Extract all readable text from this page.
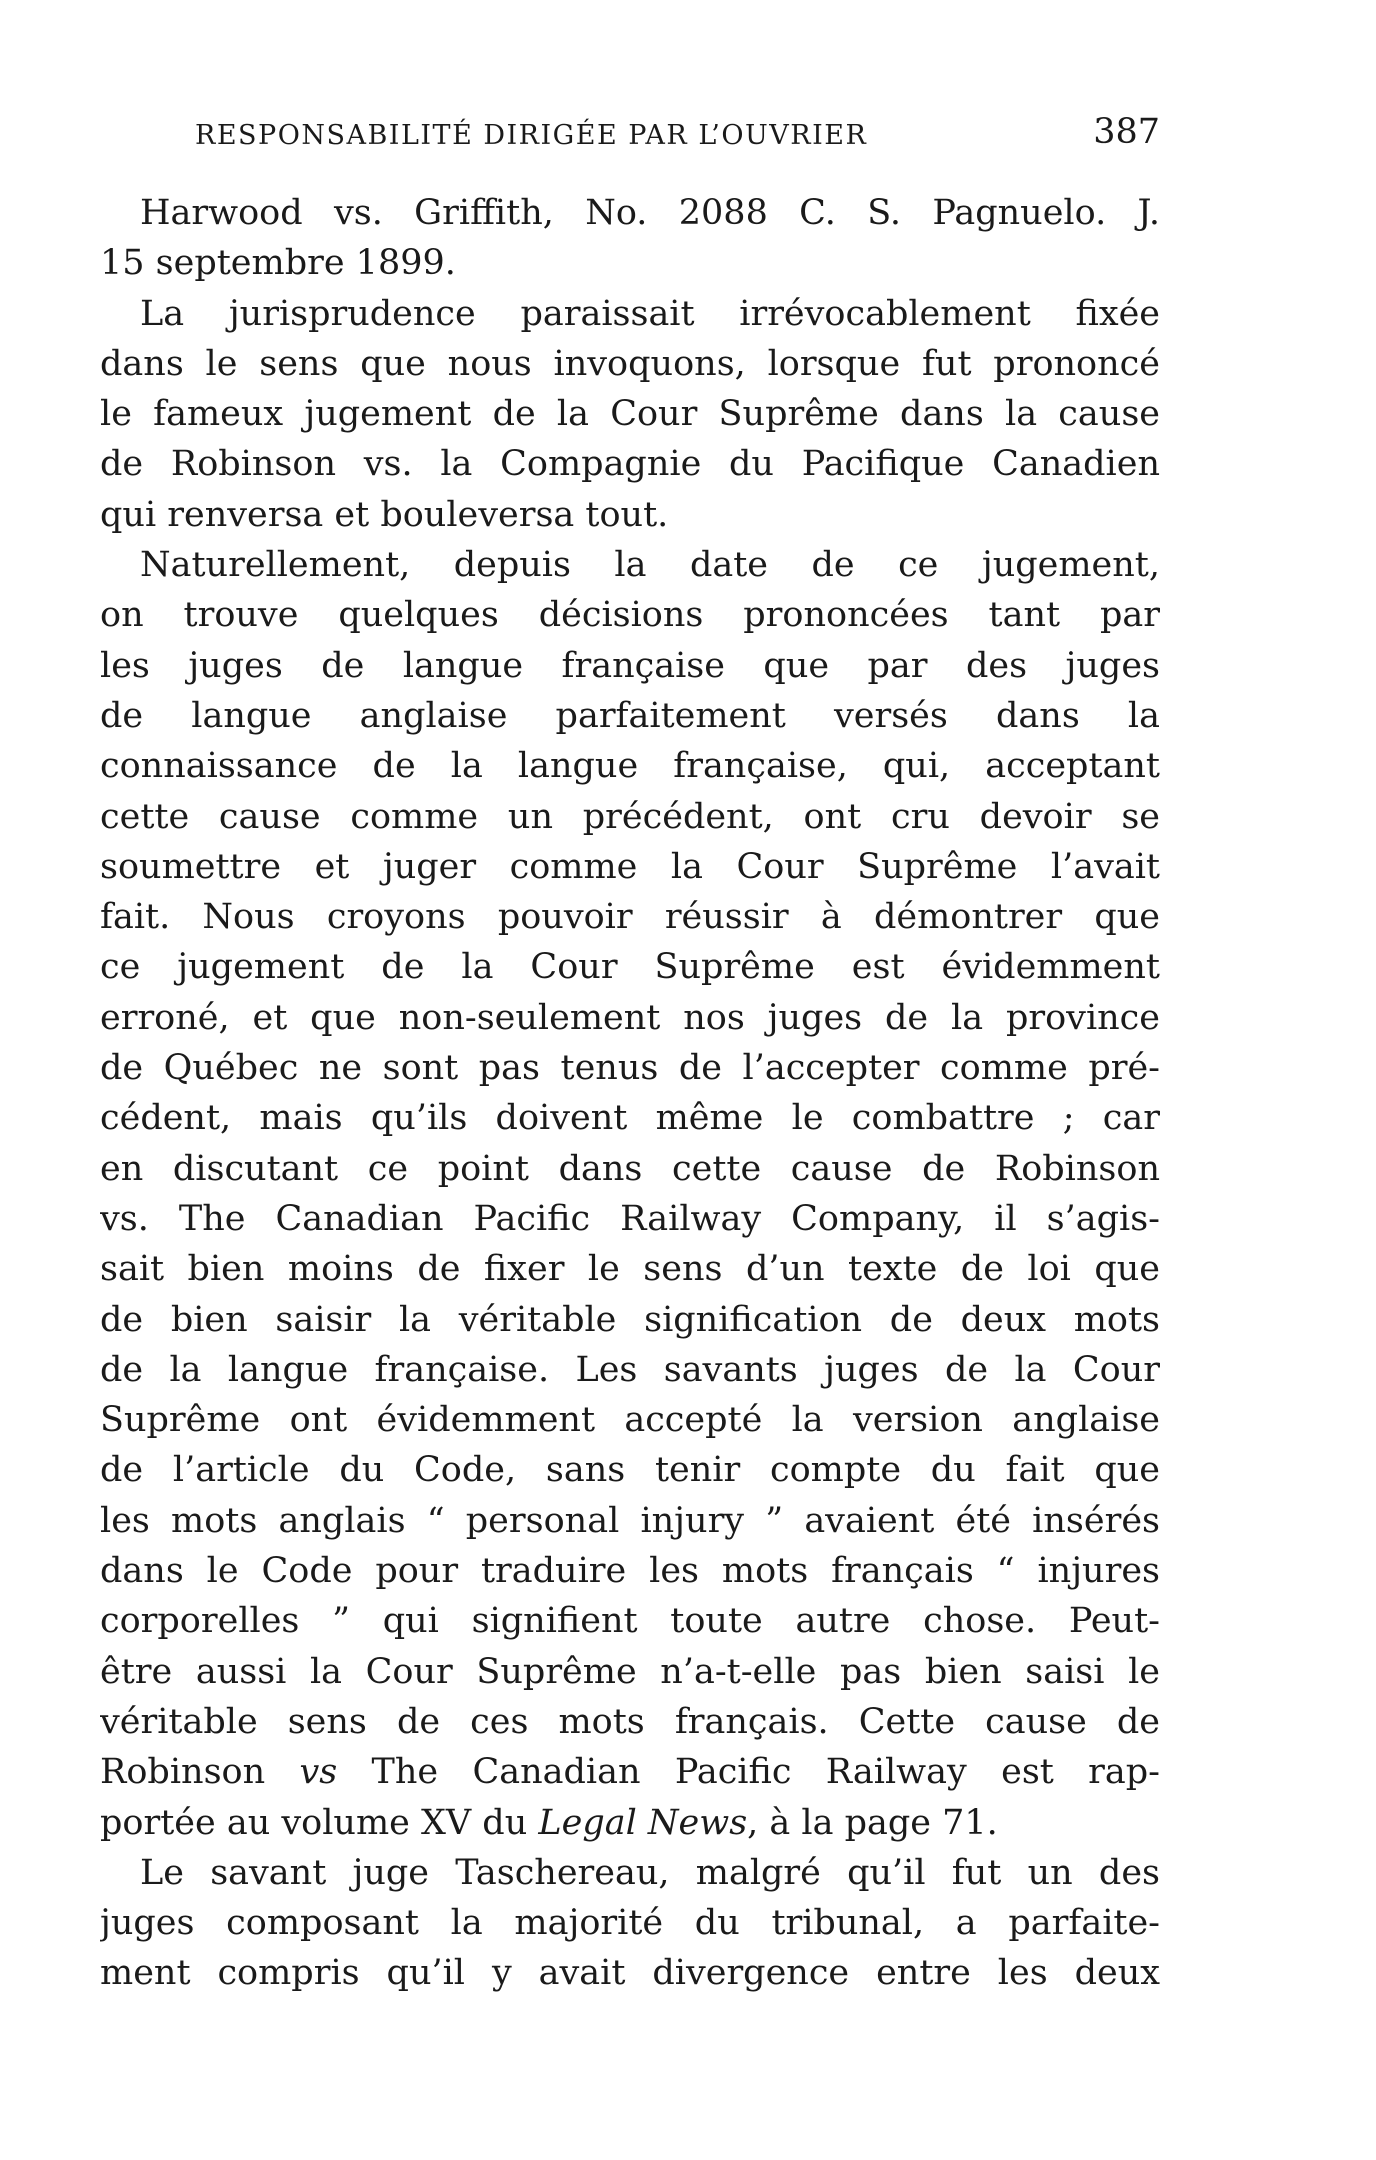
RESPONSABILITÉ DIRIGÉE PAR L’OUVRIER	387
Harwood vs. Griffith, No. 2088 C. S. Pagnuelo. J.
15 septembre 1899.
La jurisprudence paraissait irrévocablement fixée
dans le sens que nous invoquons, lorsque fut prononcé
le fameux jugement de la Cour Suprême dans la cause
de Robinson vs. la Compagnie du Pacifique Canadien
qui renversa et bouleversa tout.
Naturellement, depuis la date de ce jugement,
on trouve quelques décisions prononcées tant par
les juges de langue française que par des juges
de langue anglaise parfaitement versés dans la
connaissance de la langue française, qui, acceptant
cette cause comme un précédent, ont cru devoir se
soumettre et juger comme la Cour Suprême l’avait
fait. Nous croyons pouvoir réussir à démontrer que
ce jugement de la Cour Suprême est évidemment
erroné, et que non-seulement nos juges de la province
de Québec ne sont pas tenus de l’accepter comme pré-
cédent, mais qu’ils doivent même le combattre ; car
en discutant ce point dans cette cause de Robinson
vs. The Canadian Pacific Railway Company, il s’agis-
sait bien moins de fixer le sens d’un texte de loi que
de bien saisir la véritable signification de deux mots
de la langue française. Les savants juges de la Cour
Suprême ont évidemment accepté la version anglaise
de l’article du Code, sans tenir compte du fait que
les mots anglais “ personal injury ” avaient été insérés
dans le Code pour traduire les mots français “ injures
corporelles ” qui signifient toute autre chose. Peut-
être aussi la Cour Suprême n’a-t-elle pas bien saisi le
véritable sens de ces mots français. Cette cause de
Robinson vs The Canadian Pacific Railway est rap-
portée au volume XV du Legal News, à la page 71.
Le savant juge Taschereau, malgré qu’il fut un des
juges composant la majorité du tribunal, a parfaite-
ment compris qu’il y avait divergence entre les deux
